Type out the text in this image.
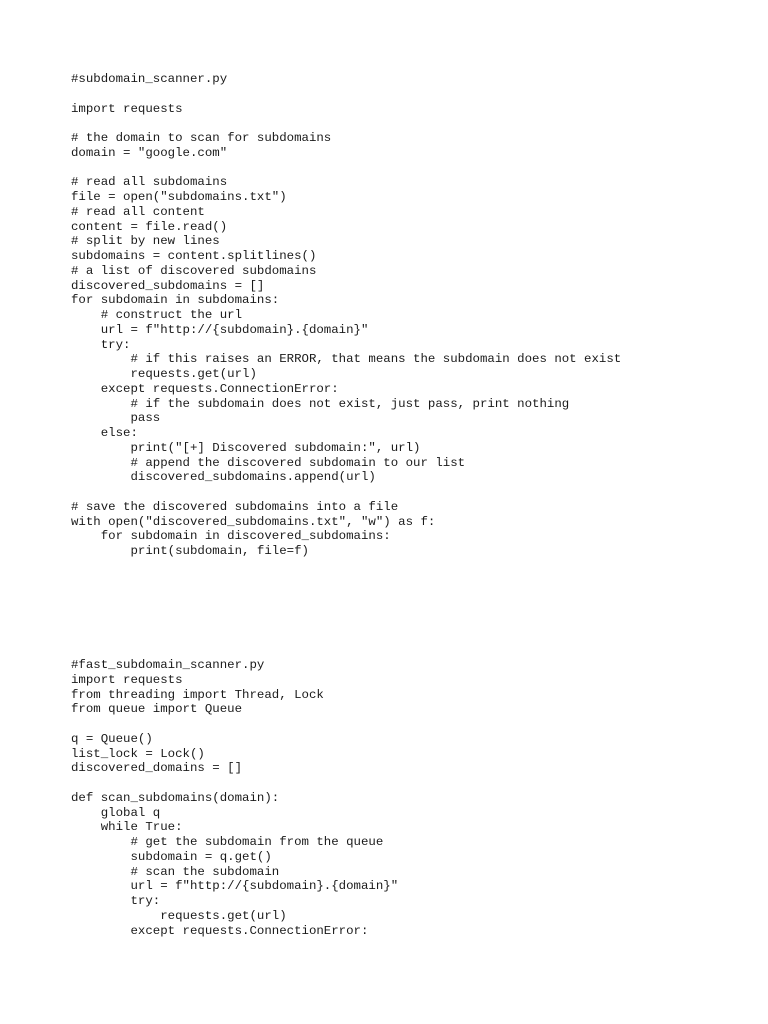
#subdomain_scanner.py
import requests
# the domain to scan for subdomains
domain = "google.com"
# read all subdomains
file = open("subdomains.txt")
# read all content
content = file.read()
# split by new lines
subdomains = content.splitlines()
# a list of discovered subdomains
discovered_subdomains = []
for subdomain in subdomains:
# construct the url
url = f"http://{subdomain}.{domain}"
try:
# if this raises an ERROR, that means the subdomain does not exist
requests.get(url)
except requests.ConnectionError:
# if the subdomain does not exist, just pass, print nothing
pass
else:
print("[+] Discovered subdomain:", url)
# append the discovered subdomain to our list
discovered_subdomains.append(url)
# save the discovered subdomains into a file
with open("discovered_subdomains.txt", "w") as f:
for subdomain in discovered_subdomains:
print(subdomain, file=f)
#fast_subdomain_scanner.py
import requests
from threading import Thread, Lock
from queue import Queue
q = Queue()
list_lock = Lock()
discovered_domains = []
def scan_subdomains(domain):
global q
while True:
# get the subdomain from the queue
subdomain = q.get()
# scan the subdomain
url = f"http://{subdomain}.{domain}"
try:
requests.get(url)
except requests.ConnectionError:
